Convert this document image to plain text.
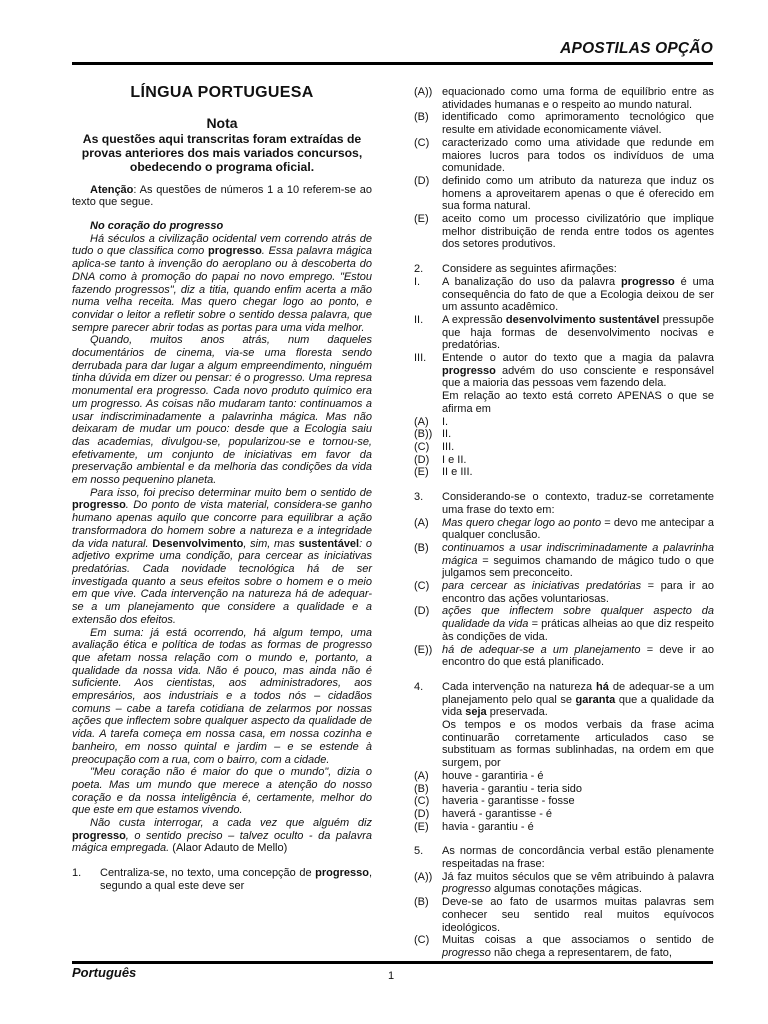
APOSTILAS OPÇÃO
LÍNGUA PORTUGUESA
Nota
As questões aqui transcritas foram extraídas de provas anteriores dos mais variados concursos, obedecendo o programa oficial.
Atenção: As questões de números 1 a 10 referem-se ao texto que segue.

No coração do progresso

Há séculos a civilização ocidental vem correndo atrás de tudo o que classifica como progresso. Essa palavra mágica aplica-se tanto à invenção do aeroplano ou à descoberta do DNA como à promoção do papai no novo emprego. "Estou fazendo progressos", diz a titia, quando enfim acerta a mão numa velha receita. Mas quero chegar logo ao ponto, e convidar o leitor a refletir sobre o sentido dessa palavra, que sempre parecer abrir todas as portas para uma vida melhor.

Quando, muitos anos atrás, num daqueles documentários de cinema, via-se uma floresta sendo derrubada para dar lugar a algum empreendimento, ninguém tinha dúvida em dizer ou pensar: é o progresso. Uma represa monumental era progresso. Cada novo produto químico era um progresso. As coisas não mudaram tanto: continuamos a usar indiscriminadamente a palavrinha mágica. Mas não deixaram de mudar um pouco: desde que a Ecologia saiu das academias, divulgou-se, popularizou-se e tornou-se, efetivamente, um conjunto de iniciativas em favor da preservação ambiental e da melhoria das condições da vida em nosso pequenino planeta.

Para isso, foi preciso determinar muito bem o sentido de progresso. Do ponto de vista material, considera-se ganho humano apenas aquilo que concorre para equilibrar a ação transformadora do homem sobre a natureza e a integridade da vida natural. Desenvolvimento, sim, mas sustentável: o adjetivo exprime uma condição, para cercear as iniciativas predatórias. Cada novidade tecnológica há de ser investigada quanto a seus efeitos sobre o homem e o meio em que vive. Cada intervenção na natureza há de adequar-se a um planejamento que considere a qualidade e a extensão dos efeitos.

Em suma: já está ocorrendo, há algum tempo, uma avaliação ética e política de todas as formas de progresso que afetam nossa relação com o mundo e, portanto, a qualidade da nossa vida. Não é pouco, mas ainda não é suficiente. Aos cientistas, aos administradores, aos empresários, aos industriais e a todos nós – cidadãos comuns – cabe a tarefa cotidiana de zelarmos por nossas ações que inflectem sobre qualquer aspecto da qualidade de vida. A tarefa começa em nossa casa, em nossa cozinha e banheiro, em nosso quintal e jardim – e se estende à preocupação com a rua, com o bairro, com a cidade.

"Meu coração não é maior do que o mundo", dizia o poeta. Mas um mundo que merece a atenção do nosso coração e da nossa inteligência é, certamente, melhor do que este em que estamos vivendo.

Não custa interrogar, a cada vez que alguém diz progresso, o sentido preciso – talvez oculto - da palavra mágica empregada. (Alaor Adauto de Mello)

1.	Centraliza-se, no texto, uma concepção de progresso, segundo a qual este deve ser
(A)) equacionado como uma forma de equilíbrio entre as atividades humanas e o respeito ao mundo natural.
(B)	identificado como aprimoramento tecnológico que resulte em atividade economicamente viável.
(C)	caracterizado como uma atividade que redunde em maiores lucros para todos os indivíduos de uma comunidade.
(D)	definido como um atributo da natureza que induz os homens a aproveitarem apenas o que é oferecido em sua forma natural.
(E)	aceito como um processo civilizatório que implique melhor distribuição de renda entre todos os agentes dos setores produtivos.
2.	Considere as seguintes afirmações:
I.	A banalização do uso da palavra progresso é uma consequência do fato de que a Ecologia deixou de ser um assunto acadêmico.
II.	A expressão desenvolvimento sustentável pressupõe que haja formas de desenvolvimento nocivas e predatórias.
III.	Entende o autor do texto que a magia da palavra progresso advém do uso consciente e responsável que a maioria das pessoas vem fazendo dela.
Em relação ao texto está correto APENAS o que se afirma em
(A)	I.
(B)) II.
(C)	III.
(D)	I e II.
(E)	II e III.
3.	Considerando-se o contexto, traduz-se corretamente uma frase do texto em:
(A)	Mas quero chegar logo ao ponto = devo me antecipar a qualquer conclusão.
(B)	continuamos a usar indiscriminadamente a palavrinha mágica = seguimos chamando de mágico tudo o que julgamos sem preconceito.
(C)	para cercear as iniciativas predatórias = para ir ao encontro das ações voluntariosas.
(D)	ações que inflectem sobre qualquer aspecto da qualidade da vida = práticas alheias ao que diz respeito às condições de vida.
(E)) há de adequar-se a um planejamento = deve ir ao encontro do que está planificado.
4.	Cada intervenção na natureza há de adequar-se a um planejamento pelo qual se garanta que a qualidade da vida seja preservada.
Os tempos e os modos verbais da frase acima continuarão corretamente articulados caso se substituam as formas sublinhadas, na ordem em que surgem, por
(A)	houve - garantiria - é
(B)	haveria - garantiu - teria sido
(C)	haveria - garantisse - fosse
(D)	haverá - garantisse - é
(E)	havia - garantiu - é
5.	As normas de concordância verbal estão plenamente respeitadas na frase:
(A)) Já faz muitos séculos que se vêm atribuindo à palavra progresso algumas conotações mágicas.
(B)	Deve-se ao fato de usarmos muitas palavras sem conhecer seu sentido real muitos equívocos ideológicos.
(C)	Muitas coisas a que associamos o sentido de progresso não chega a representarem, de fato,
Português	1
